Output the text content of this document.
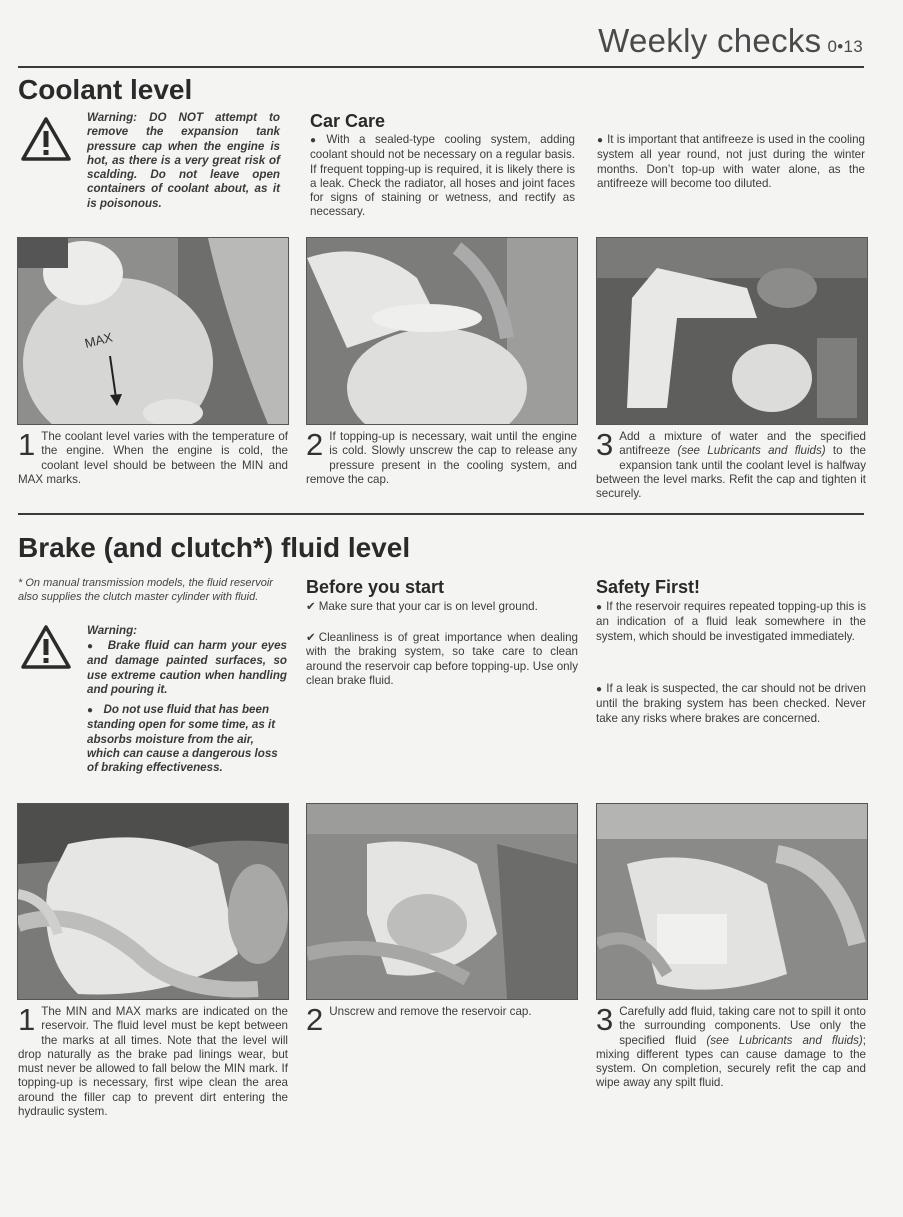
Weekly checks 0•13
Coolant level
Warning: DO NOT attempt to remove the expansion tank pressure cap when the engine is hot, as there is a very great risk of scalding. Do not leave open containers of coolant about, as it is poisonous.
Car Care
● With a sealed-type cooling system, adding coolant should not be necessary on a regular basis. If frequent topping-up is required, it is likely there is a leak. Check the radiator, all hoses and joint faces for signs of staining or wetness, and rectify as necessary.
● It is important that antifreeze is used in the cooling system all year round, not just during the winter months. Don’t top-up with water alone, as the antifreeze will become too diluted.
MAX
1 The coolant level varies with the temperature of the engine. When the engine is cold, the coolant level should be between the MIN and MAX marks.
2 If topping-up is necessary, wait until the engine is cold. Slowly unscrew the cap to release any pressure present in the cooling system, and remove the cap.
3 Add a mixture of water and the specified antifreeze (see Lubricants and fluids) to the expansion tank until the coolant level is halfway between the level marks. Refit the cap and tighten it securely.
Brake (and clutch*) fluid level
* On manual transmission models, the fluid reservoir also supplies the clutch master cylinder with fluid.
Warning:
●   Brake fluid can harm your eyes and damage painted surfaces, so use extreme caution when handling and pouring it.
●   Do not use fluid that has been standing open for some time, as it absorbs moisture from the air, which can cause a dangerous loss of braking effectiveness.
Before you start
✔ Make sure that your car is on level ground.
✔ Cleanliness is of great importance when dealing with the braking system, so take care to clean around the reservoir cap before topping-up. Use only clean brake fluid.
Safety First!
● If the reservoir requires repeated topping-up this is an indication of a fluid leak somewhere in the system, which should be investigated immediately.
● If a leak is suspected, the car should not be driven until the braking system has been checked. Never take any risks where brakes are concerned.
1 The MIN and MAX marks are indicated on the reservoir. The fluid level must be kept between the marks at all times. Note that the level will drop naturally as the brake pad linings wear, but must never be allowed to fall below the MIN mark. If topping-up is necessary, first wipe clean the area around the filler cap to prevent dirt entering the hydraulic system.
2 Unscrew and remove the reservoir cap.	3 Carefully add fluid, taking care not to spill it onto the surrounding components. Use only the specified fluid (see Lubricants and fluids); mixing different types can cause damage to the system. On completion, securely refit the cap and wipe away any spilt fluid.
